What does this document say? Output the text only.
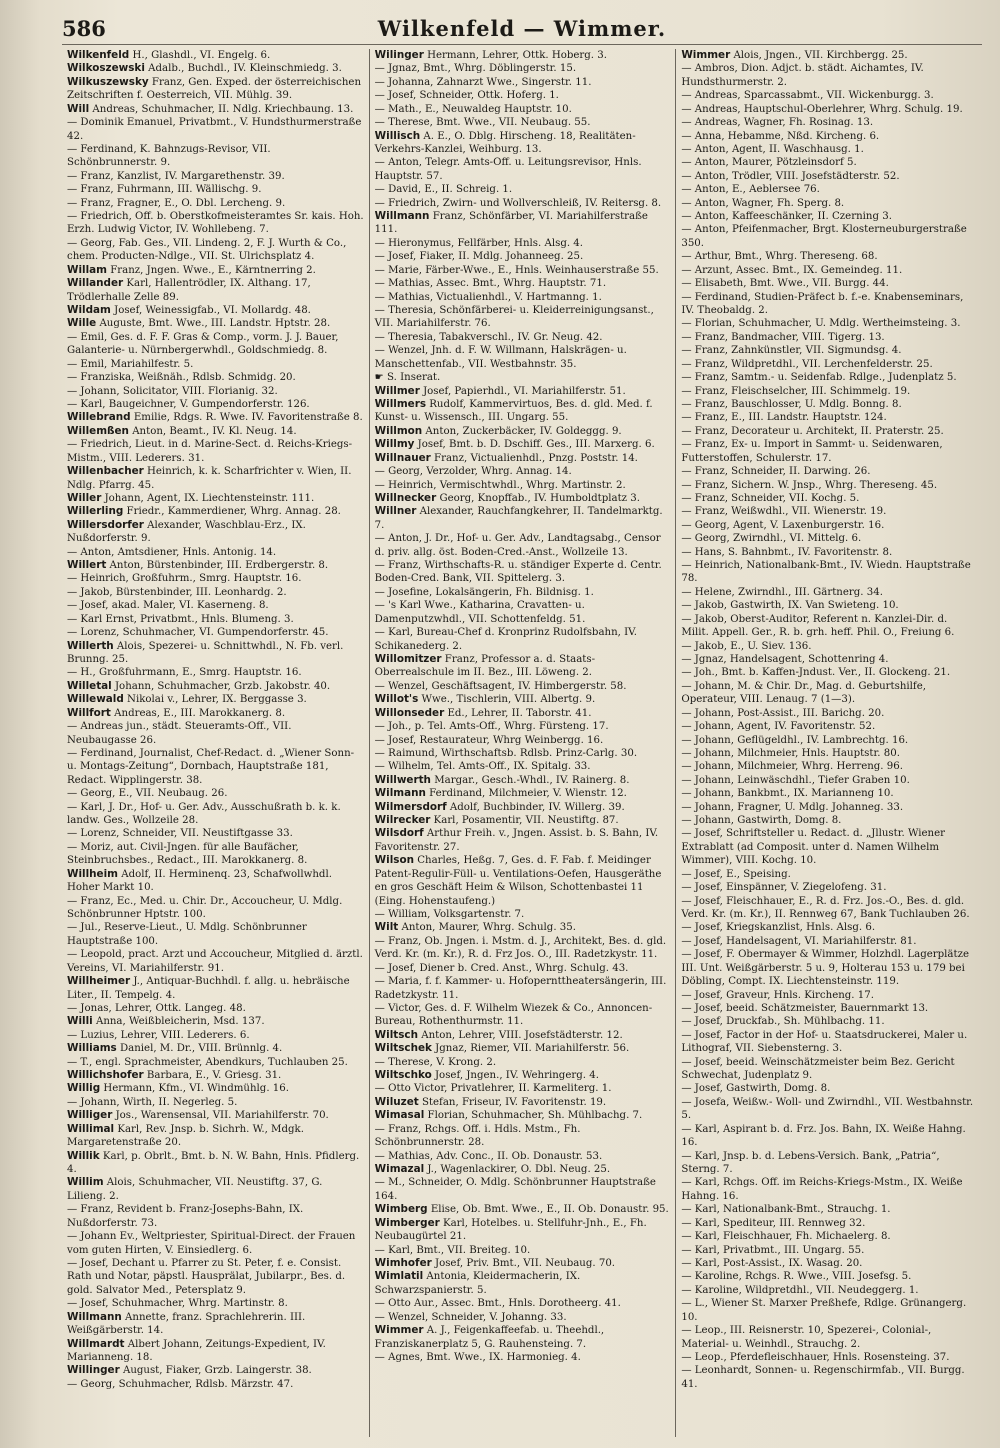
586	Wilkenfeld — Wimmer.

Wilkenfeld H., Glashdl., VI. Engelg. 6.

Wilkoszewski Adalb., Buchdl., IV. Kleinschmiedg. 3.

Wilkuszewsky Franz, Gen. Exped. der österreichischen Zeitschriften f. Oesterreich, VII. Mühlg. 39.

Will Andreas, Schuhmacher, II. Ndlg. Kriechbaung. 13.

— Dominik Emanuel, Privatbmt., V. Hundsthurmerstraße 42.

— Ferdinand, K. Bahnzugs-Revisor, VII. Schönbrunnerstr. 9.

— Franz, Kanzlist, IV. Margarethenstr. 39.

— Franz, Fuhrmann, III. Wällischg. 9.

— Franz, Fragner, E., O. Dbl. Lercheng. 9.

— Friedrich, Off. b. Oberstkofmeisteramtes Sr. kais. Hoh. Erzh. Ludwig Victor, IV. Wohllebeng. 7.

— Georg, Fab. Ges., VII. Lindeng. 2, F. J. Wurth & Co., chem. Producten-Ndlge., VII. St. Ulrichsplatz 4.

Willam Franz, Jngen. Wwe., E., Kärntnerring 2.

Willander Karl, Hallentrödler, IX. Althang. 17, Trödlerhalle Zelle 89.

Wildam Josef, Weinessigfab., VI. Mollardg. 48.

Wille Auguste, Bmt. Wwe., III. Landstr. Hptstr. 28.

— Emil, Ges. d. F. F. Gras & Comp., vorm. J. J. Bauer, Galanterie- u. Nürnbergerwhdl., Goldschmiedg. 8.

— Emil, Mariahilfestr. 5.

— Franziska, Weißnäh., Rdlsb. Schmidg. 20.

— Johann, Solicitator, VIII. Florianig. 32.

— Karl, Baugeichner, V. Gumpendorferstr. 126.

Willebrand Emilie, Rdgs. R. Wwe. IV. Favoritenstraße 8.

Willemßen Anton, Beamt., IV. Kl. Neug. 14.

— Friedrich, Lieut. in d. Marine-Sect. d. Reichs-Kriegs-Mistm., VIII. Lederers. 31.

Willenbacher Heinrich, k. k. Scharfrichter v. Wien, II. Ndlg. Pfarrg. 45.

Willer Johann, Agent, IX. Liechtensteinstr. 111.

Willerling Friedr., Kammerdiener, Whrg. Annag. 28.

Willersdorfer Alexander, Waschblau-Erz., IX. Nußdorferstr. 9.

— Anton, Amtsdiener, Hnls. Antonig. 14.

Willert Anton, Bürstenbinder, III. Erdbergerstr. 8.

— Heinrich, Großfuhrm., Smrg. Hauptstr. 16.

— Jakob, Bürstenbinder, III. Leonhardg. 2.

— Josef, akad. Maler, VI. Kaserneng. 8.

— Karl Ernst, Privatbmt., Hnls. Blumeng. 3.

— Lorenz, Schuhmacher, VI. Gumpendorferstr. 45.

Willerth Alois, Spezerei- u. Schnittwhdl., N. Fb. verl. Brunng. 25.

— H., Großfuhrmann, E., Smrg. Hauptstr. 16.

Willetal Johann, Schuhmacher, Grzb. Jakobstr. 40.

Willewald Nikolai v., Lehrer, IX. Berggasse 3.

Willfort Andreas, E., III. Marokkanerg. 8.

— Andreas jun., städt. Steueramts-Off., VII. Neubaugasse 26.

— Ferdinand, Journalist, Chef-Redact. d. „Wiener Sonn- u. Montags-Zeitung“, Dornbach, Hauptstraße 181, Redact. Wipplingerstr. 38.

— Georg, E., VII. Neubaug. 26.

— Karl, J. Dr., Hof- u. Ger. Adv., Ausschußrath b. k. k. landw. Ges., Wollzeile 28.

— Lorenz, Schneider, VII. Neustiftgasse 33.

— Moriz, aut. Civil-Jngen. für alle Baufächer, Steinbruchsbes., Redact., III. Marokkanerg. 8.

Willheim Adolf, II. Herminenq. 23, Schafwollwhdl. Hoher Markt 10.

— Franz, Ec., Med. u. Chir. Dr., Accoucheur, U. Mdlg. Schönbrunner Hptstr. 100.

— Jul., Reserve-Lieut., U. Mdlg. Schönbrunner Hauptstraße 100.

— Leopold, pract. Arzt und Accoucheur, Mitglied d. ärztl. Vereins, VI. Mariahilferstr. 91.

Willheimer J., Antiquar-Buchhdl. f. allg. u. hebräische Liter., II. Tempelg. 4.

— Jonas, Lehrer, Ottk. Langeg. 48.

Willi Anna, Weißbleicherin, Msd. 137.

— Luzius, Lehrer, VIII. Lederers. 6.

Williams Daniel, M. Dr., VIII. Brünnlg. 4.

— T., engl. Sprachmeister, Abendkurs, Tuchlauben 25.

Willichshofer Barbara, E., V. Griesg. 31.

Willig Hermann, Kfm., VI. Windmühlg. 16.

— Johann, Wirth, II. Negerleg. 5.

Williger Jos., Warensensal, VII. Mariahilferstr. 70.

Willimal Karl, Rev. Jnsp. b. Sichrh. W., Mdgk. Margaretenstraße 20.

Willik Karl, p. Obrlt., Bmt. b. N. W. Bahn, Hnls. Pfidlerg. 4.

Willim Alois, Schuhmacher, VII. Neustiftg. 37, G. Lilieng. 2.

— Franz, Revident b. Franz-Josephs-Bahn, IX. Nußdorferstr. 73.

— Johann Ev., Weltpriester, Spiritual-Direct. der Frauen vom guten Hirten, V. Einsiedlerg. 6.

— Josef, Dechant u. Pfarrer zu St. Peter, f. e. Consist. Rath und Notar, päpstl. Hausprälat, Jubilarpr., Bes. d. gold. Salvator Med., Petersplatz 9.

— Josef, Schuhmacher, Whrg. Martinstr. 8.

Willmann Annette, franz. Sprachlehrerin. III. Weißgärberstr. 14.

Willmardt Albert Johann, Zeitungs-Expedient, IV. Marianneng. 18.

Willinger August, Fiaker, Grzb. Laingerstr. 38.

— Georg, Schuhmacher, Rdlsb. Märzstr. 47.

Wilinger Hermann, Lehrer, Ottk. Hoberg. 3.

— Jgnaz, Bmt., Whrg. Döblingerstr. 15.

— Johanna, Zahnarzt Wwe., Singerstr. 11.

— Josef, Schneider, Ottk. Hoferg. 1.

— Math., E., Neuwaldeg Hauptstr. 10.

— Therese, Bmt. Wwe., VII. Neubaug. 55.

Willisch A. E., O. Dblg. Hirscheng. 18, Realitäten-Verkehrs-Kanzlei, Weihburg. 13.

— Anton, Telegr. Amts-Off. u. Leitungsrevisor, Hnls. Hauptstr. 57.

— David, E., II. Schreig. 1.

— Friedrich, Zwirn- und Wollverschleiß, IV. Reitersg. 8.

Willmann Franz, Schönfärber, VI. Mariahilferstraße 111.

— Hieronymus, Fellfärber, Hnls. Alsg. 4.

— Josef, Fiaker, II. Mdlg. Johanneeg. 25.

— Marie, Färber-Wwe., E., Hnls. Weinhauserstraße 55.

— Mathias, Assec. Bmt., Whrg. Hauptstr. 71.

— Mathias, Victualienhdl., V. Hartmanng. 1.

— Theresia, Schönfärberei- u. Kleiderreinigungsanst., VII. Mariahilferstr. 76.

— Theresia, Tabakverschl., IV. Gr. Neug. 42.

— Wenzel, Jnh. d. F. W. Willmann, Halskrägen- u. Manschettenfab., VII. Westbahnstr. 35.

☛ S. Inserat.

Willmer Josef, Papierhdl., VI. Mariahilferstr. 51.

Willmers Rudolf, Kammervirtuos, Bes. d. gld. Med. f. Kunst- u. Wissensch., III. Ungarg. 55.

Willmon Anton, Zuckerbäcker, IV. Goldeggg. 9.

Willmy Josef, Bmt. b. D. Dschiff. Ges., III. Marxerg. 6.

Willnauer Franz, Victualienhdl., Pnzg. Poststr. 14.

— Georg, Verzolder, Whrg. Annag. 14.

— Heinrich, Vermischtwhdl., Whrg. Martinstr. 2.

Willnecker Georg, Knopffab., IV. Humboldtplatz 3.

Willner Alexander, Rauchfangkehrer, II. Tandelmarktg. 7.

— Anton, J. Dr., Hof- u. Ger. Adv., Landtagsabg., Censor d. priv. allg. öst. Boden-Cred.-Anst., Wollzeile 13.

— Franz, Wirthschafts-R. u. ständiger Experte d. Centr. Boden-Cred. Bank, VII. Spittelerg. 3.

— Josefine, Lokalsängerin, Fh. Bildnisg. 1.

— 's Karl Wwe., Katharina, Cravatten- u. Damenputzwhdl., VII. Schottenfeldg. 51.

— Karl, Bureau-Chef d. Kronprinz Rudolfsbahn, IV. Schikanederg. 2.

Willomitzer Franz, Professor a. d. Staats-Oberrealschule im II. Bez., III. Löweng. 2.

— Wenzel, Geschäftsagent, IV. Himbergerstr. 58.

Willot's Wwe., Tischlerin, VIII. Albertg. 9.

Willonseder Ed., Lehrer, II. Taborstr. 41.

— Joh., p. Tel. Amts-Off., Whrg. Fürsteng. 17.

— Josef, Restaurateur, Whrg Weinbergg. 16.

— Raimund, Wirthschaftsb. Rdlsb. Prinz-Carlg. 30.

— Wilhelm, Tel. Amts-Off., IX. Spitalg. 33.

Willwerth Margar., Gesch.-Whdl., IV. Rainerg. 8.

Wilmann Ferdinand, Milchmeier, V. Wienstr. 12.

Wilmersdorf Adolf, Buchbinder, IV. Willerg. 39.

Wilrecker Karl, Posamentir, VII. Neustiftg. 87.

Wilsdorf Arthur Freih. v., Jngen. Assist. b. S. Bahn, IV. Favoritenstr. 27.

Wilson Charles, Heßg. 7, Ges. d. F. Fab. f. Meidinger Patent-Regulir-Füll- u. Ventilations-Oefen, Hausgeräthe en gros Geschäft Heim & Wilson, Schottenbastei 11 (Eing. Hohenstaufeng.)

— William, Volksgartenstr. 7.

Wilt Anton, Maurer, Whrg. Schulg. 35.

— Franz, Ob. Jngen. i. Mstm. d. J., Architekt, Bes. d. gld. Verd. Kr. (m. Kr.), R. d. Frz Jos. O., III. Radetzkystr. 11.

— Josef, Diener b. Cred. Anst., Whrg. Schulg. 43.

— Maria, f. f. Kammer- u. Hofopernttheatersängerin, III. Radetzkystr. 11.

— Victor, Ges. d. F. Wilhelm Wiezek & Co., Annoncen-Bureau, Rothenthurmstr. 11.

Wiltsch Anton, Lehrer, VIII. Josefstädterstr. 12.

Wiltschek Jgnaz, Riemer, VII. Mariahilferstr. 56.

— Therese, V. Krong. 2.

Wiltschko Josef, Jngen., IV. Wehringerg. 4.

— Otto Victor, Privatlehrer, II. Karmeliterg. 1.

Wiluzet Stefan, Friseur, IV. Favoritenstr. 19.

Wimasal Florian, Schuhmacher, Sh. Mühlbachg. 7.

— Franz, Rchgs. Off. i. Hdls. Mstm., Fh. Schönbrunnerstr. 28.

— Mathias, Adv. Conc., II. Ob. Donaustr. 53.

Wimazal J., Wagenlackirer, O. Dbl. Neug. 25.

— M., Schneider, O. Mdlg. Schönbrunner Hauptstraße 164.

Wimberg Elise, Ob. Bmt. Wwe., E., II. Ob. Donaustr. 95.

Wimberger Karl, Hotelbes. u. Stellfuhr-Jnh., E., Fh. Neubaugürtel 21.

— Karl, Bmt., VII. Breiteg. 10.

Wimhofer Josef, Priv. Bmt., VII. Neubaug. 70.

Wimlatil Antonia, Kleidermacherin, IX. Schwarzspanierstr. 5.

— Otto Aur., Assec. Bmt., Hnls. Dorotheerg. 41.

— Wenzel, Schneider, V. Johanng. 33.

Wimmer A. J., Feigenkaffeefab. u. Theehdl., Franziskanerplatz 5, G. Rauhensteing. 7.

— Agnes, Bmt. Wwe., IX. Harmonieg. 4.

Wimmer Alois, Jngen., VII. Kirchbergg. 25.

— Ambros, Dion. Adjct. b. städt. Aichamtes, IV. Hundsthurmerstr. 2.

— Andreas, Sparcassabmt., VII. Wickenburgg. 3.

— Andreas, Hauptschul-Oberlehrer, Whrg. Schulg. 19.

— Andreas, Wagner, Fh. Rosinag. 13.

— Anna, Hebamme, Nßd. Kircheng. 6.

— Anton, Agent, II. Waschhausg. 1.

— Anton, Maurer, Pötzleinsdorf 5.

— Anton, Trödler, VIII. Josefstädterstr. 52.

— Anton, E., Aeblersee 76.

— Anton, Wagner, Fh. Sperg. 8.

— Anton, Kaffeeschänker, II. Czerning 3.

— Anton, Pfeifenmacher, Brgt. Klosterneuburgerstraße 350.

— Arthur, Bmt., Whrg. Thereseng. 68.

— Arzunt, Assec. Bmt., IX. Gemeindeg. 11.

— Elisabeth, Bmt. Wwe., VII. Burgg. 44.

— Ferdinand, Studien-Präfect b. f.-e. Knabenseminars, IV. Theobaldg. 2.

— Florian, Schuhmacher, U. Mdlg. Wertheimsteing. 3.

— Franz, Bandmacher, VIII. Tigerg. 13.

— Franz, Zahnkünstler, VII. Sigmundsg. 4.

— Franz, Wildpretdhl., VII. Lerchenfelderstr. 25.

— Franz, Samtm.- u. Seidenfab. Rdlge., Judenplatz 5.

— Franz, Fleischselcher, III. Schimmelg. 19.

— Franz, Bauschlosser, U. Mdlg. Bonng. 8.

— Franz, E., III. Landstr. Hauptstr. 124.

— Franz, Decorateur u. Architekt, II. Praterstr. 25.

— Franz, Ex- u. Import in Sammt- u. Seidenwaren, Futterstoffen, Schulerstr. 17.

— Franz, Schneider, II. Darwing. 26.

— Franz, Sichern. W. Jnsp., Whrg. Thereseng. 45.

— Franz, Schneider, VII. Kochg. 5.

— Franz, Weißwdhl., VII. Wienerstr. 19.

— Georg, Agent, V. Laxenburgerstr. 16.

— Georg, Zwirndhl., VI. Mittelg. 6.

— Hans, S. Bahnbmt., IV. Favoritenstr. 8.

— Heinrich, Nationalbank-Bmt., IV. Wiedn. Hauptstraße 78.

— Helene, Zwirndhl., III. Gärtnerg. 34.

— Jakob, Gastwirth, IX. Van Swieteng. 10.

— Jakob, Oberst-Auditor, Referent n. Kanzlei-Dir. d. Milit. Appell. Ger., R. b. grh. heff. Phil. O., Freiung 6.

— Jakob, E., U. Siev. 136.

— Jgnaz, Handelsagent, Schottenring 4.

— Joh., Bmt. b. Kaffen-Jndust. Ver., II. Glockeng. 21.

— Johann, M. & Chir. Dr., Mag. d. Geburtshilfe, Operateur, VIII. Lenaug. 7 (1—3).

— Johann, Post-Assist., III. Barichg. 20.

— Johann, Agent, IV. Favoritenstr. 52.

— Johann, Geflügeldhl., IV. Lambrechtg. 16.

— Johann, Milchmeier, Hnls. Hauptstr. 80.

— Johann, Milchmeier, Whrg. Herreng. 96.

— Johann, Leinwäschdhl., Tiefer Graben 10.

— Johann, Bankbmt., IX. Marianneng 10.

— Johann, Fragner, U. Mdlg. Johanneg. 33.

— Johann, Gastwirth, Domg. 8.

— Josef, Schriftsteller u. Redact. d. „Jllustr. Wiener Extrablatt (ad Composit. unter d. Namen Wilhelm Wimmer), VIII. Kochg. 10.

— Josef, E., Speising.

— Josef, Einspänner, V. Ziegelofeng. 31.

— Josef, Fleischhauer, E., R. d. Frz. Jos.-O., Bes. d. gld. Verd. Kr. (m. Kr.), II. Rennweg 67, Bank Tuchlauben 26.

— Josef, Kriegskanzlist, Hnls. Alsg. 6.

— Josef, Handelsagent, VI. Mariahilferstr. 81.

— Josef, F. Obermayer & Wimmer, Holzhdl. Lagerplätze III. Unt. Weißgärberstr. 5 u. 9, Holterau 153 u. 179 bei Döbling, Compt. IX. Liechtensteinstr. 119.

— Josef, Graveur, Hnls. Kircheng. 17.

— Josef, beeid. Schätzmeister, Bauernmarkt 13.

— Josef, Druckfab., Sh. Mühlbachg. 11.

— Josef, Factor in der Hof- u. Staatsdruckerei, Maler u. Lithograf, VII. Siebensterng. 3.

— Josef, beeid. Weinschätzmeister beim Bez. Gericht Schwechat, Judenplatz 9.

— Josef, Gastwirth, Domg. 8.

— Josefa, Weißw.- Woll- und Zwirndhl., VII. Westbahnstr. 5.

— Karl, Aspirant b. d. Frz. Jos. Bahn, IX. Weiße Hahng. 16.

— Karl, Jnsp. b. d. Lebens-Versich. Bank, „Patria“, Sterng. 7.

— Karl, Rchgs. Off. im Reichs-Kriegs-Mstm., IX. Weiße Hahng. 16.

— Karl, Nationalbank-Bmt., Strauchg. 1.

— Karl, Spediteur, III. Rennweg 32.

— Karl, Fleischhauer, Fh. Michaelerg. 8.

— Karl, Privatbmt., III. Ungarg. 55.

— Karl, Post-Assist., IX. Wasag. 20.

— Karoline, Rchgs. R. Wwe., VIII. Josefsg. 5.

— Karoline, Wildpretdhl., VII. Neudeggerg. 1.

— L., Wiener St. Marxer Preßhefe, Rdlge. Grünangerg. 10.

— Leop., III. Reisnerstr. 10, Spezerei-, Colonial-, Material- u. Weinhdl., Strauchg. 2.

— Leop., Pferdefleischhauer, Hnls. Rosensteing. 37.

— Leonhardt, Sonnen- u. Regenschirmfab., VII. Burgg. 41.
